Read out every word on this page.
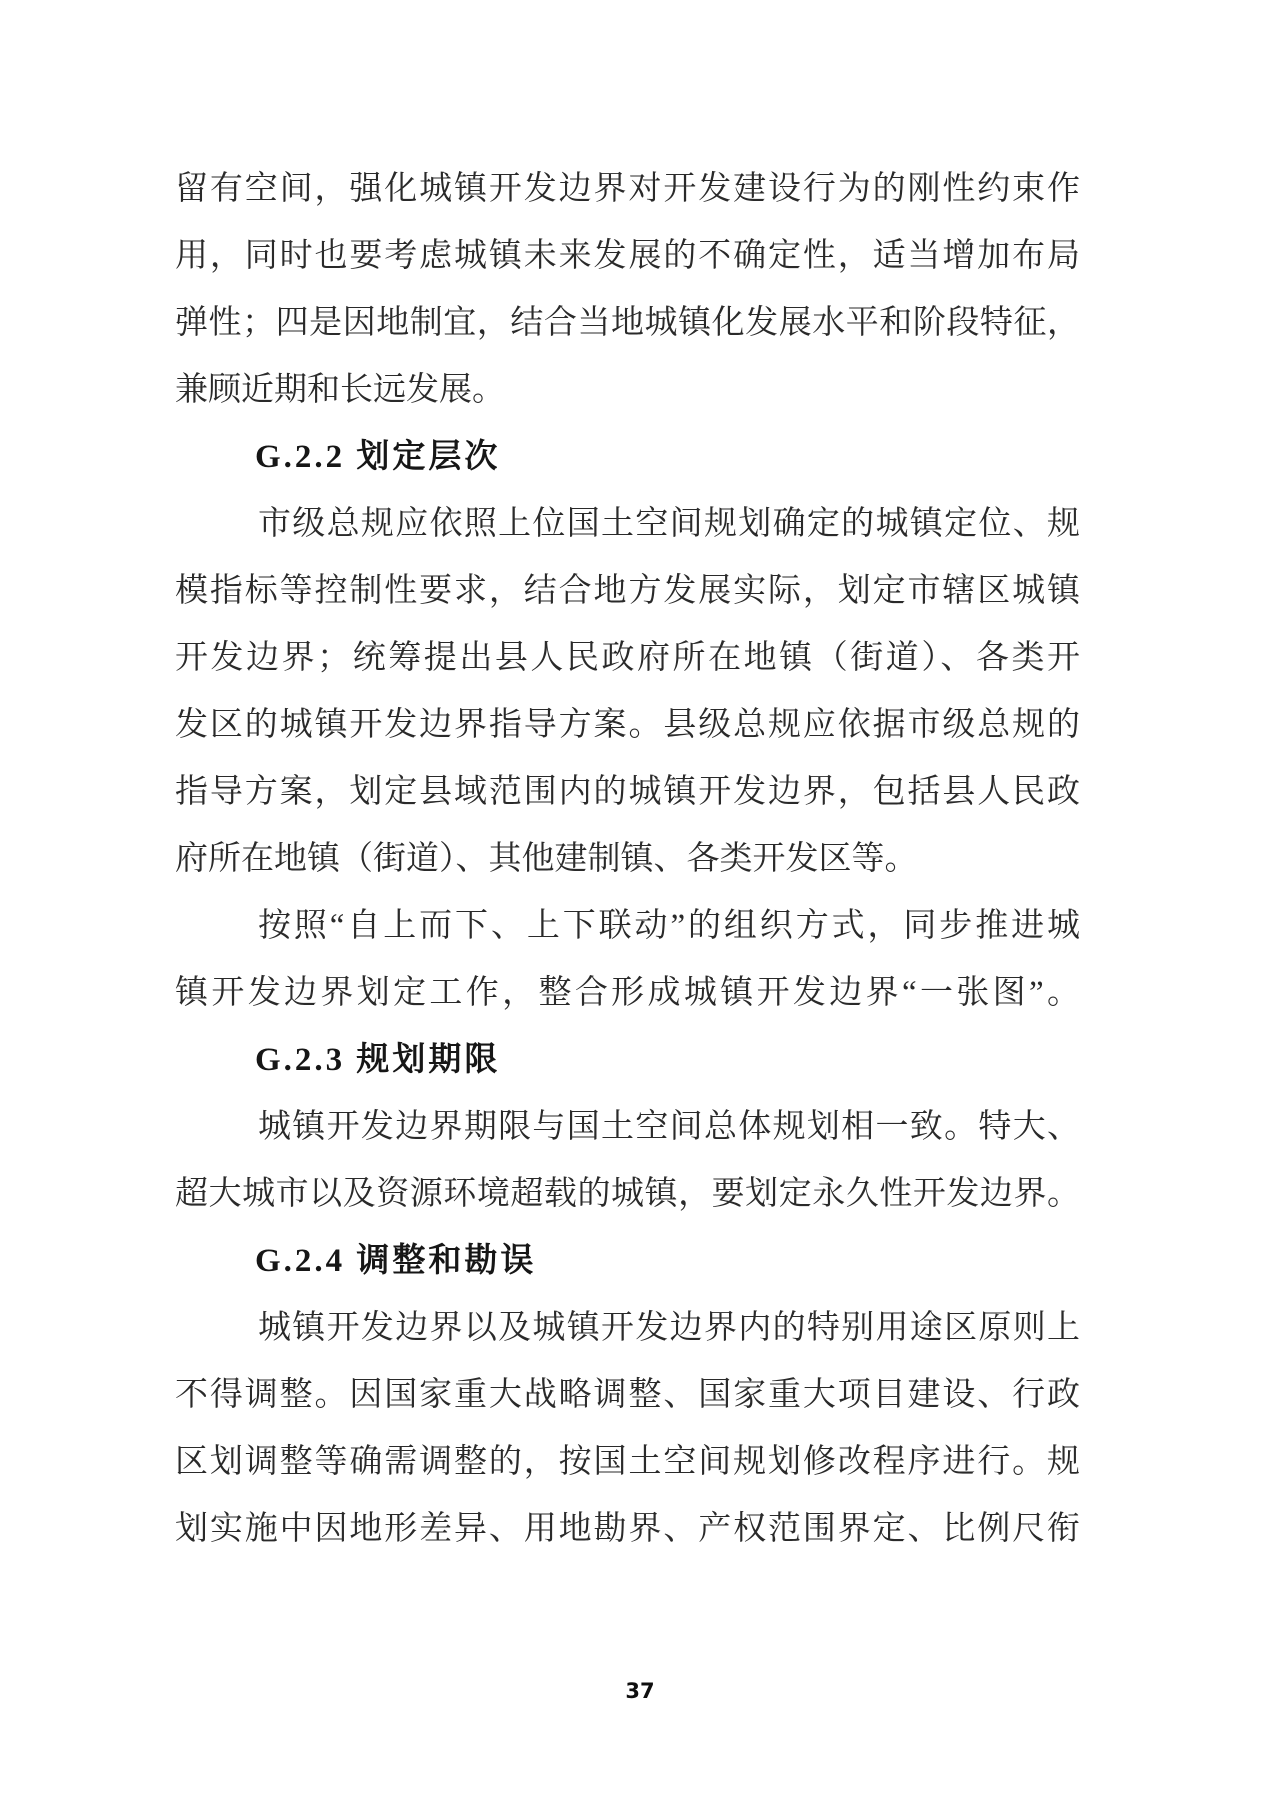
留有空间，强化城镇开发边界对开发建设行为的刚性约束作
用，同时也要考虑城镇未来发展的不确定性，适当增加布局
弹性；四是因地制宜，结合当地城镇化发展水平和阶段特征，
兼顾近期和长远发展。
G.2.2 划定层次
市级总规应依照上位国土空间规划确定的城镇定位、规
模指标等控制性要求，结合地方发展实际，划定市辖区城镇
开发边界；统筹提出县人民政府所在地镇（街道）、各类开
发区的城镇开发边界指导方案。县级总规应依据市级总规的
指导方案，划定县域范围内的城镇开发边界，包括县人民政
府所在地镇（街道）、其他建制镇、各类开发区等。
按照“自上而下、上下联动”的组织方式，同步推进城
镇开发边界划定工作，整合形成城镇开发边界“一张图”。
G.2.3 规划期限
城镇开发边界期限与国土空间总体规划相一致。特大、
超大城市以及资源环境超载的城镇，要划定永久性开发边界。
G.2.4 调整和勘误
城镇开发边界以及城镇开发边界内的特别用途区原则上
不得调整。因国家重大战略调整、国家重大项目建设、行政
区划调整等确需调整的，按国土空间规划修改程序进行。规
划实施中因地形差异、用地勘界、产权范围界定、比例尺衔
37
